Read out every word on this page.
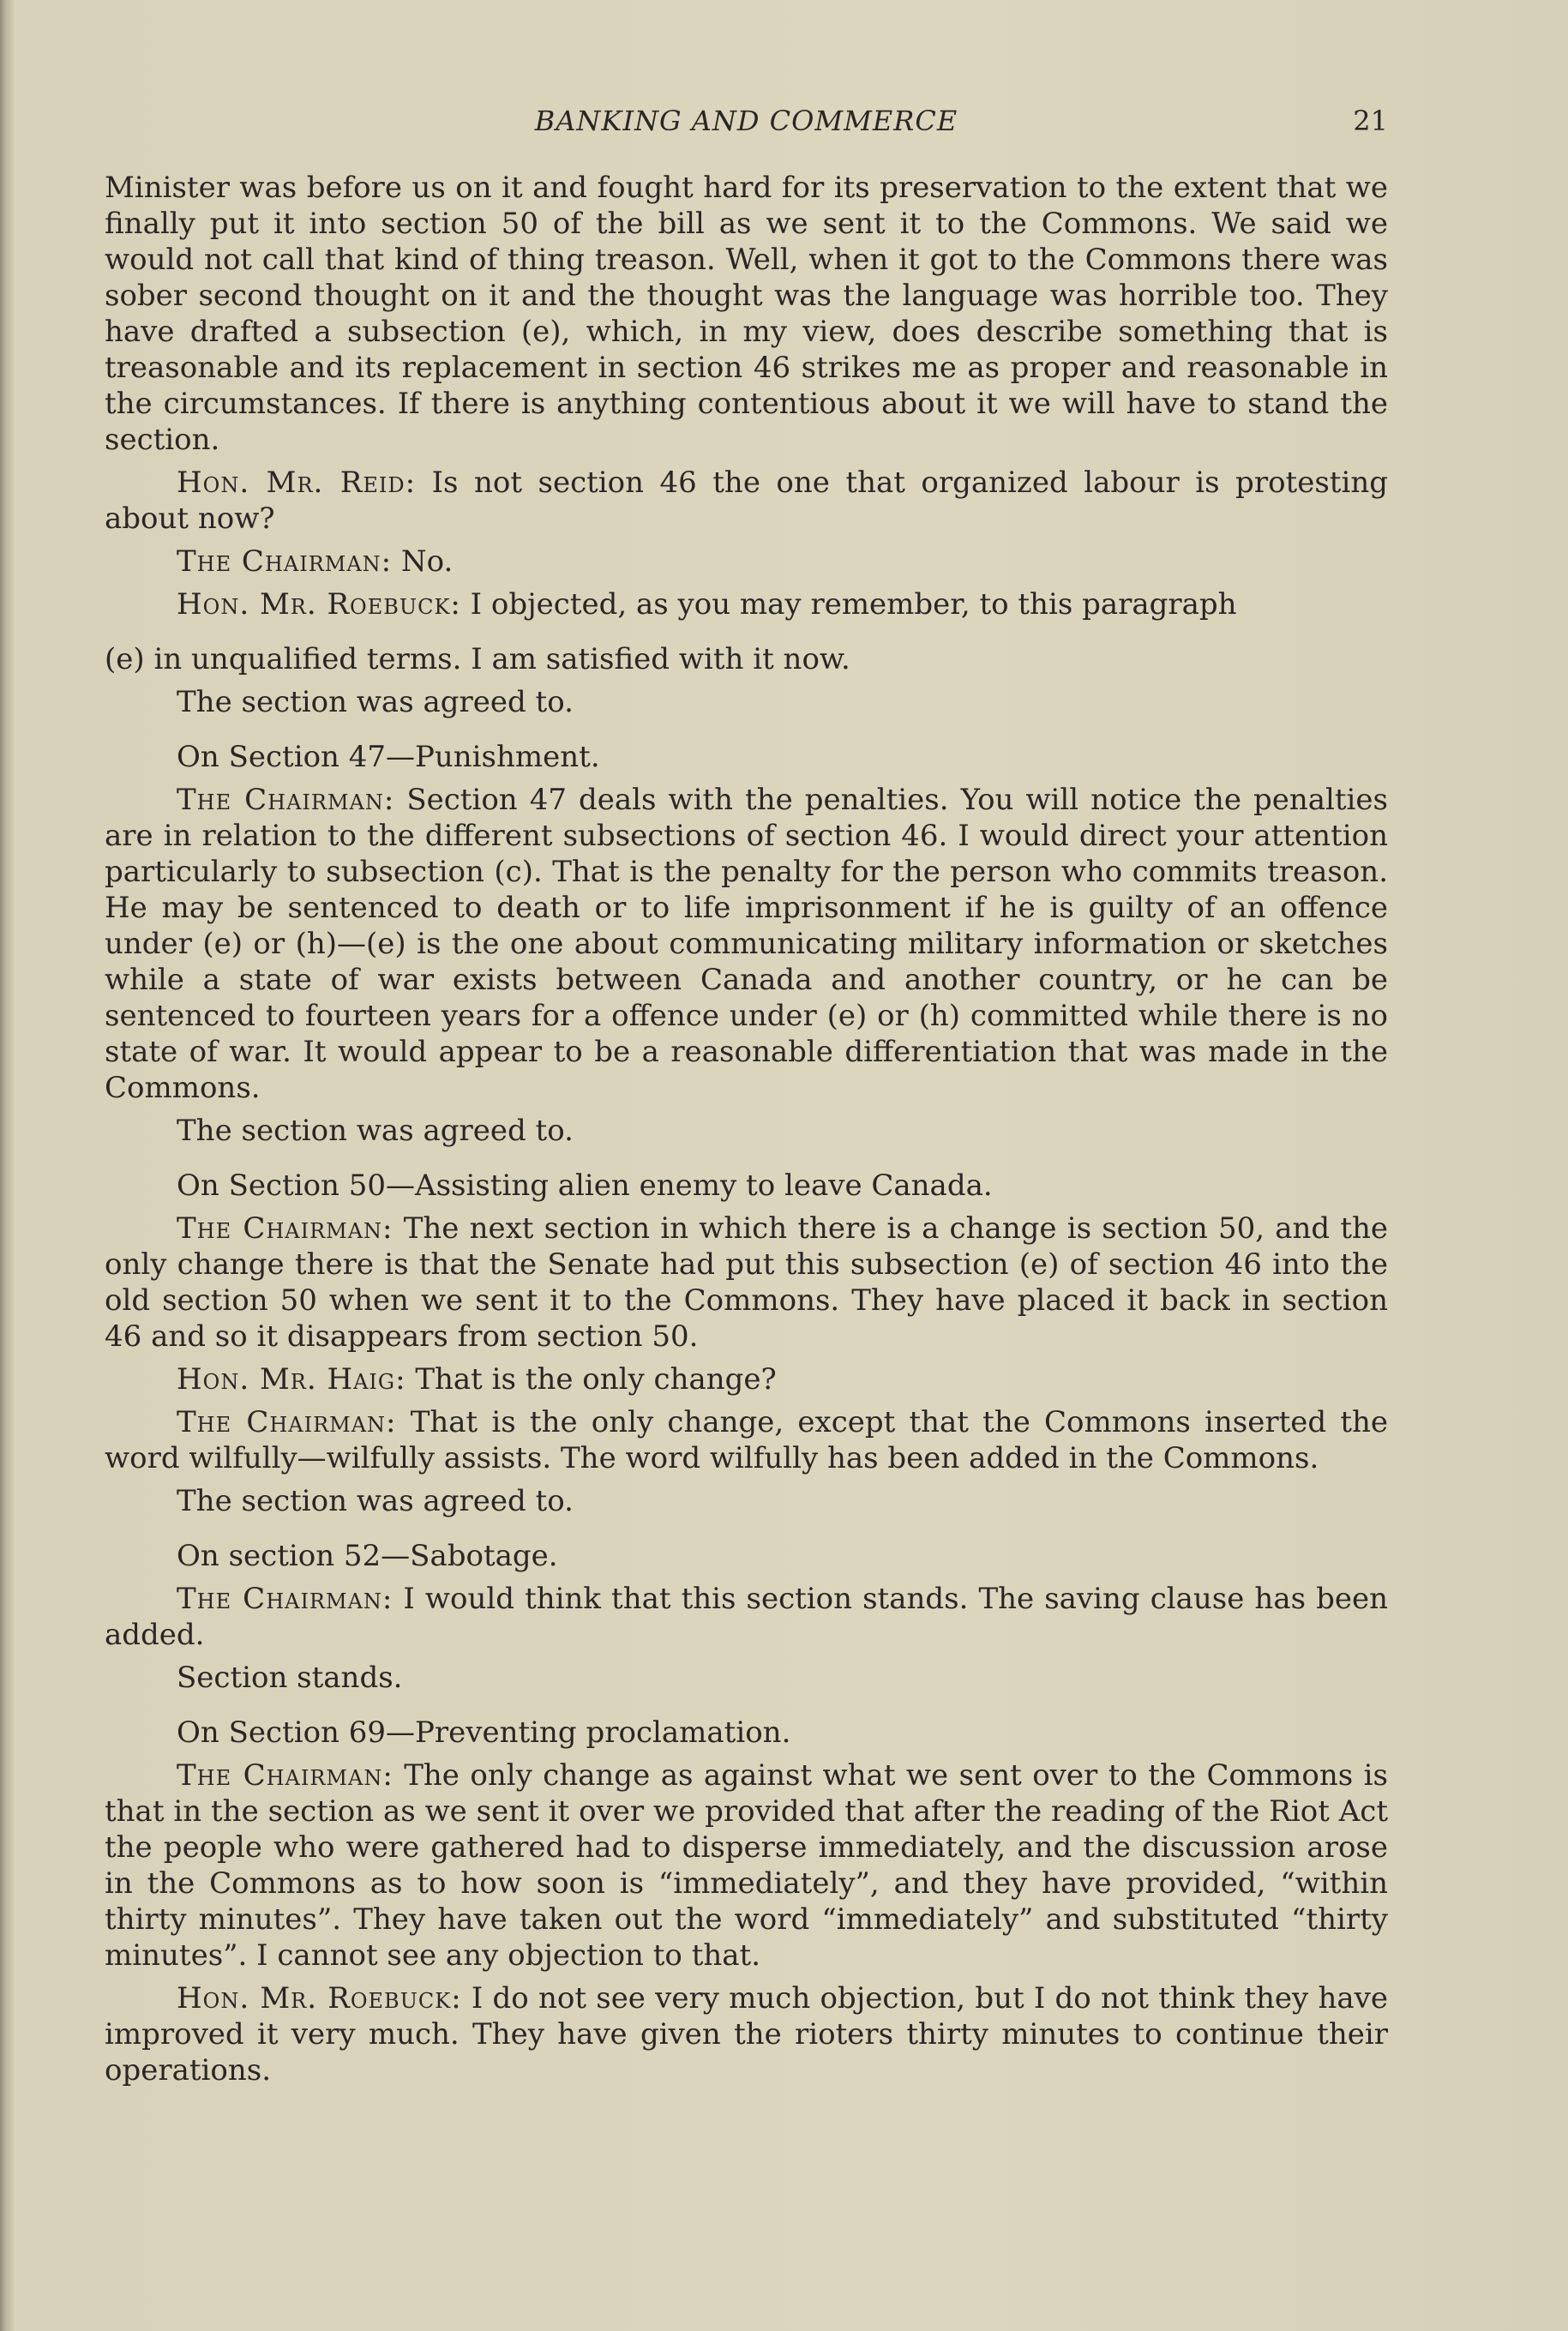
BANKING AND COMMERCE	21

Minister was before us on it and fought hard for its preservation to the extent that we finally put it into section 50 of the bill as we sent it to the Commons. We said we would not call that kind of thing treason. Well, when it got to the Commons there was sober second thought on it and the thought was the language was horrible too. They have drafted a subsection (e), which, in my view, does describe something that is treasonable and its replacement in section 46 strikes me as proper and reasonable in the circumstances. If there is anything contentious about it we will have to stand the section.

Hon. Mr. Reid: Is not section 46 the one that organized labour is protesting about now?

The Chairman: No.

Hon. Mr. Roebuck: I objected, as you may remember, to this paragraph

(e) in unqualified terms. I am satisfied with it now.

The section was agreed to.

On Section 47—Punishment.

The Chairman: Section 47 deals with the penalties. You will notice the penalties are in relation to the different subsections of section 46. I would direct your attention particularly to subsection (c). That is the penalty for the person who commits treason. He may be sentenced to death or to life imprisonment if he is guilty of an offence under (e) or (h)—(e) is the one about communicating military information or sketches while a state of war exists between Canada and another country, or he can be sentenced to fourteen years for a offence under (e) or (h) committed while there is no state of war. It would appear to be a reasonable differentiation that was made in the Commons.

The section was agreed to.

On Section 50—Assisting alien enemy to leave Canada.

The Chairman: The next section in which there is a change is section 50, and the only change there is that the Senate had put this subsection (e) of section 46 into the old section 50 when we sent it to the Commons. They have placed it back in section 46 and so it disappears from section 50.

Hon. Mr. Haig: That is the only change?

The Chairman: That is the only change, except that the Commons inserted the word wilfully—wilfully assists. The word wilfully has been added in the Commons.

The section was agreed to.

On section 52—Sabotage.

The Chairman: I would think that this section stands. The saving clause has been added.

Section stands.

On Section 69—Preventing proclamation.

The Chairman: The only change as against what we sent over to the Commons is that in the section as we sent it over we provided that after the reading of the Riot Act the people who were gathered had to disperse immediately, and the discussion arose in the Commons as to how soon is “immediately”, and they have provided, “within thirty minutes”. They have taken out the word “immediately” and substituted “thirty minutes”. I cannot see any objection to that.

Hon. Mr. Roebuck: I do not see very much objection, but I do not think they have improved it very much. They have given the rioters thirty minutes to continue their operations.
